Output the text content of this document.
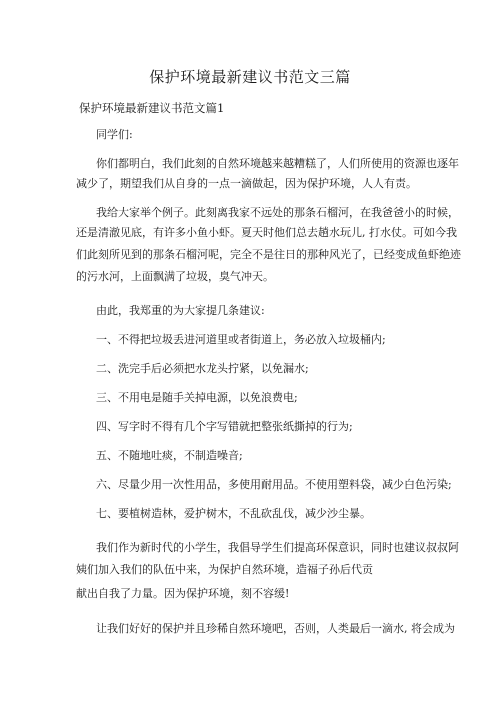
保护环境最新建议书范文三篇
保护环境最新建议书范文篇1
同学们:
你们都明白，我们此刻的自然环境越来越糟糕了，人们所使用的资源也逐年
减少了，期望我们从自身的一点一滴做起，因为保护环境，人人有责。
我给大家举个例子。此刻离我家不远处的那条石榴河，在我爸爸小的时候，
还是清澈见底，有许多小鱼小虾。夏天时他们总去趟水玩儿, 打水仗。可如今我
们此刻所见到的那条石榴河呢，完全不是往日的那种风光了，已经变成鱼虾绝迹
的污水河，上面飘满了垃圾，臭气冲天。
由此，我郑重的为大家提几条建议:
一、不得把垃圾丢进河道里或者街道上，务必放入垃圾桶内;
二、洗完手后必须把水龙头拧紧，以免漏水;
三、不用电是随手关掉电源，以免浪费电;
四、写字时不得有几个字写错就把整张纸撕掉的行为;
五、不随地吐痰，不制造噪音;
六、尽量少用一次性用品，多使用耐用品。不使用塑料袋，减少白色污染;
七、要植树造林，爱护树木，不乱砍乱伐，减少沙尘暴。
我们作为新时代的小学生，我倡导学生们提高环保意识，同时也建议叔叔阿
姨们加入我们的队伍中来，为保护自然环境，造福子孙后代贡
献出自我了力量。因为保护环境，刻不容缓!
让我们好好的保护并且珍稀自然环境吧，否则，人类最后一滴水, 将会成为
